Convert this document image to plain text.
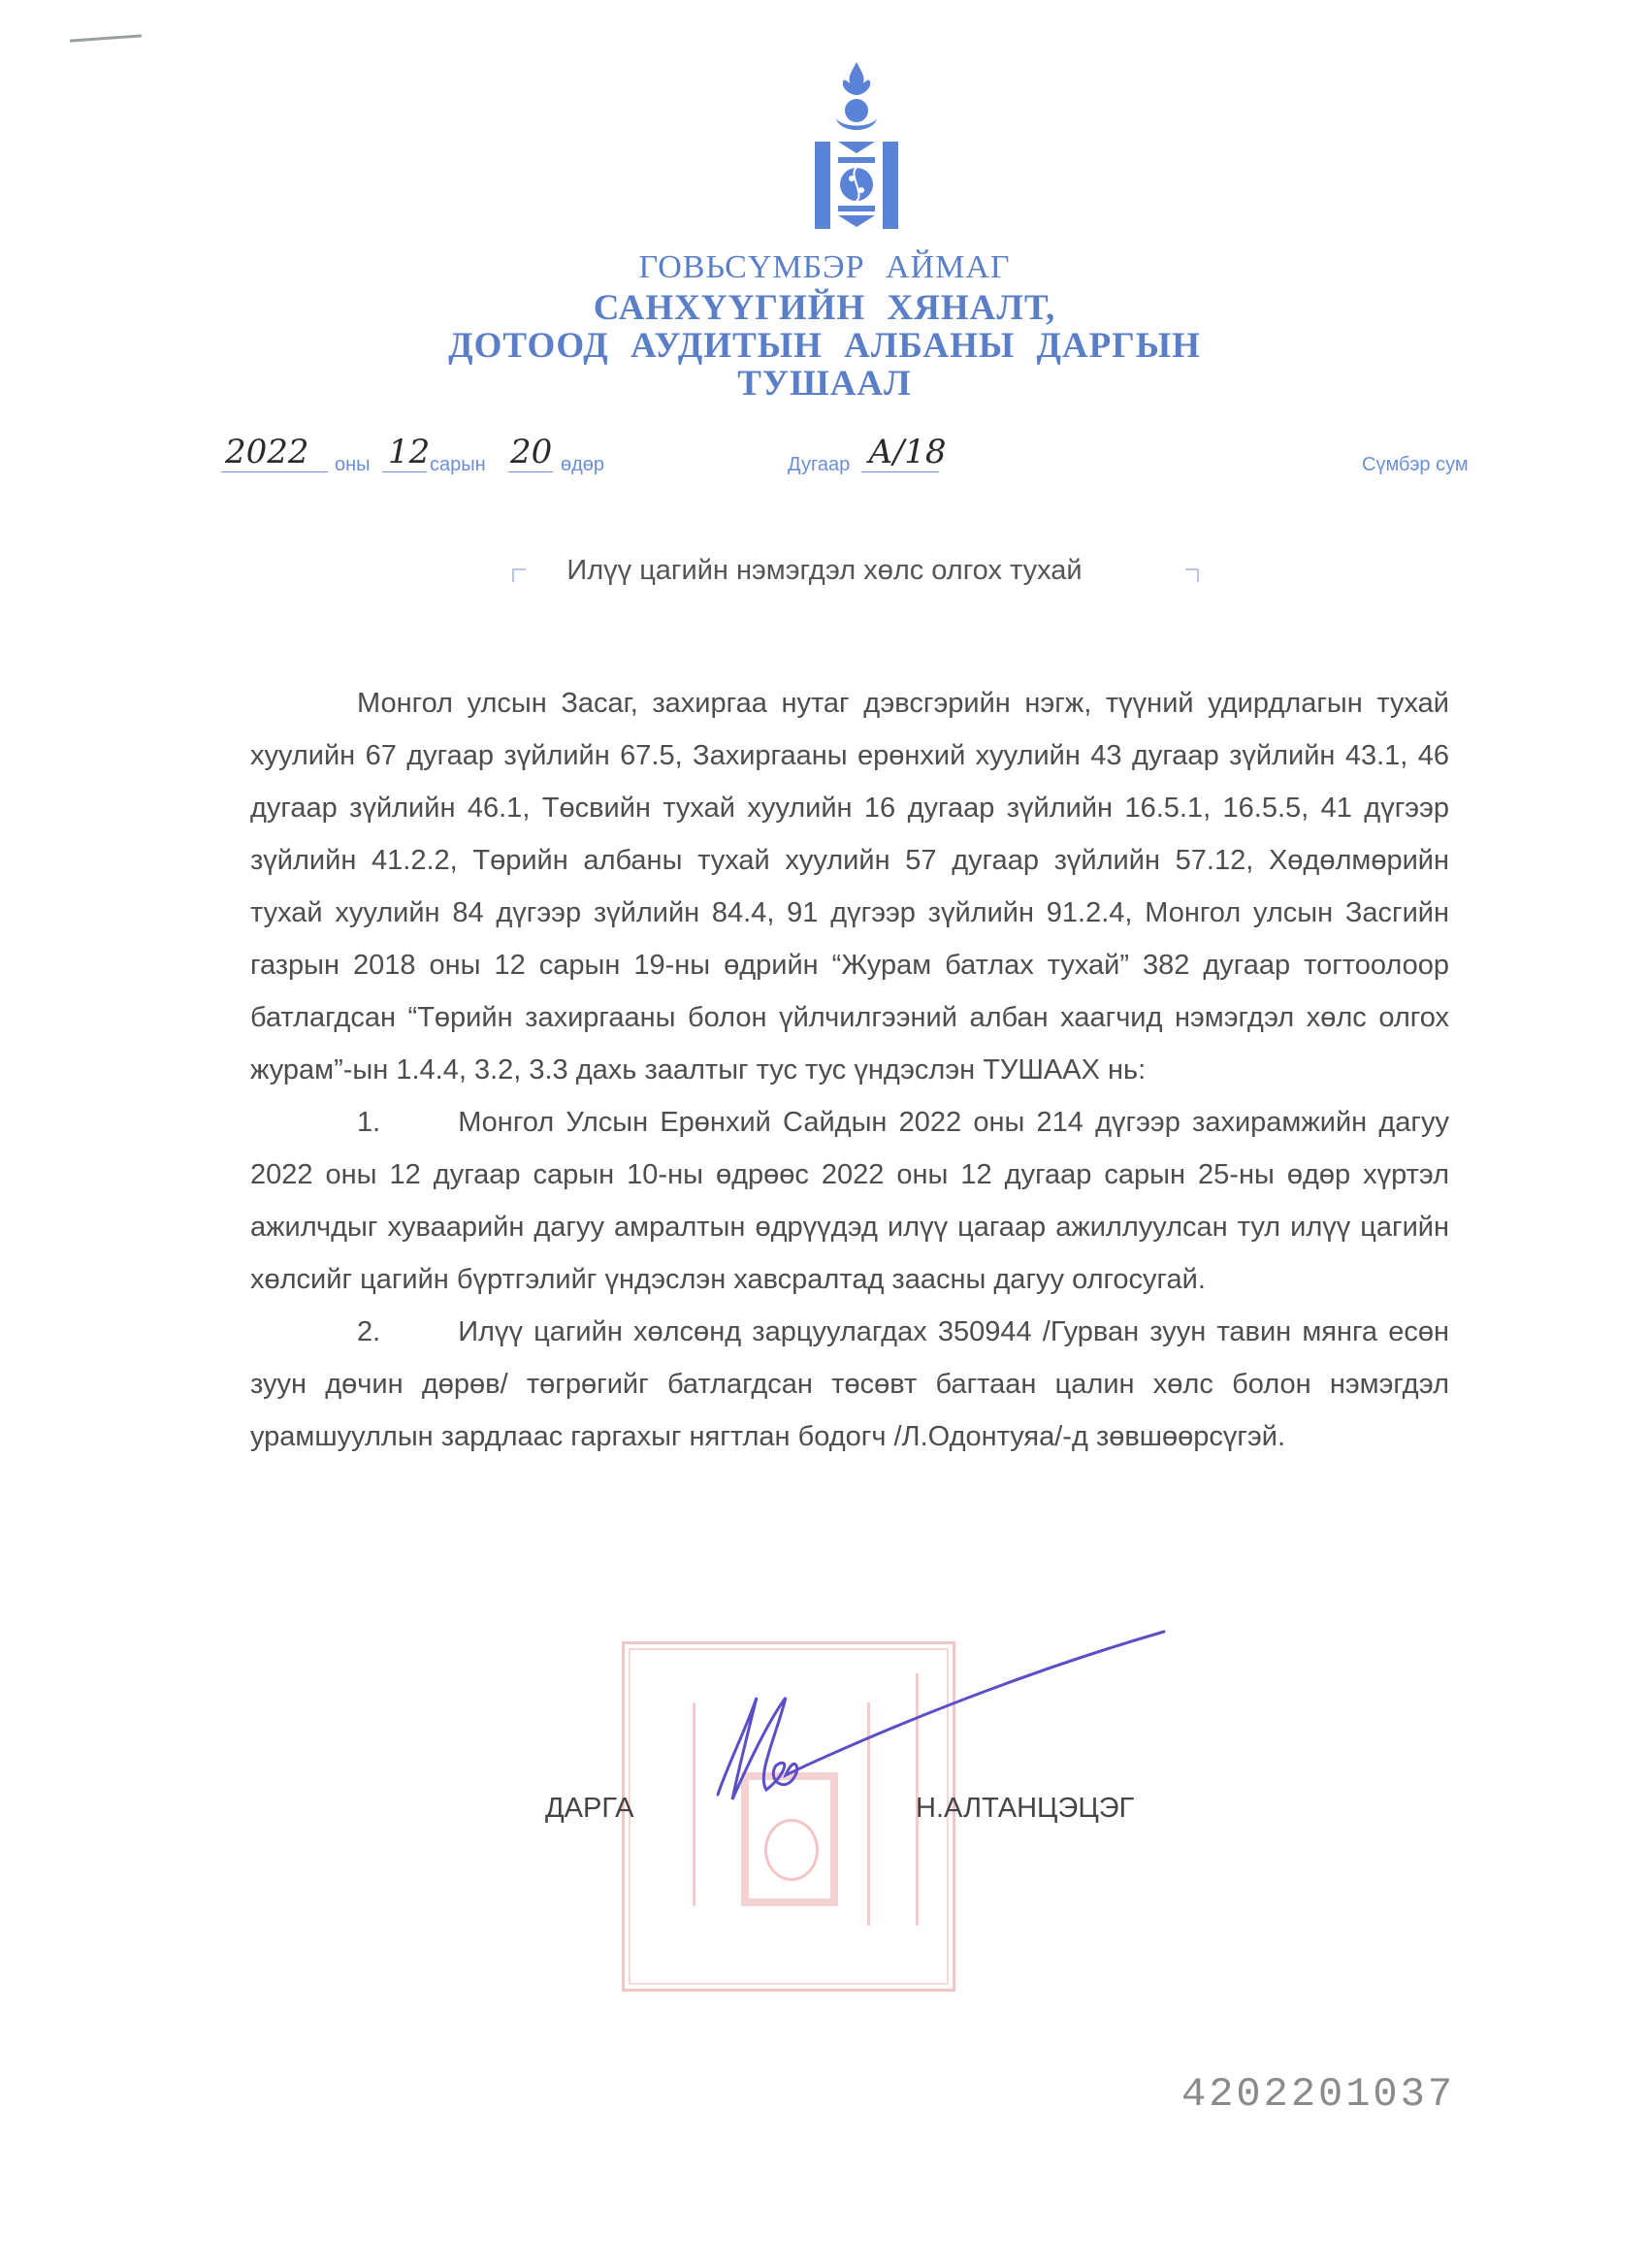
ГОВЬСҮМБЭР АЙМАГ
САНХҮҮГИЙН ХЯНАЛТ,
ДОТООД АУДИТЫН АЛБАНЫ ДАРГЫН
ТУШААЛ
2022 оны 12 сарын 20 өдөр	Дугаар А/18	Сүмбэр сум
Илүү цагийн нэмэгдэл хөлс олгох тухай

Монгол улсын Засаг, захиргаа нутаг дэвсгэрийн нэгж, түүний удирдлагын тухай хуулийн 67 дугаар зүйлийн 67.5, Захиргааны ерөнхий хуулийн 43 дугаар зүйлийн 43.1, 46 дугаар зүйлийн 46.1, Төсвийн тухай хуулийн 16 дугаар зүйлийн 16.5.1, 16.5.5, 41 дүгээр зүйлийн 41.2.2, Төрийн албаны тухай хуулийн 57 дугаар зүйлийн 57.12, Хөдөлмөрийн тухай хуулийн 84 дүгээр зүйлийн 84.4, 91 дүгээр зүйлийн 91.2.4, Монгол улсын Засгийн газрын 2018 оны 12 сарын 19-ны өдрийн “Журам батлах тухай” 382 дугаар тогтоолоор батлагдсан “Төрийн захиргааны болон үйлчилгээний албан хаагчид нэмэгдэл хөлс олгох журам”-ын 1.4.4, 3.2, 3.3 дахь заалтыг тус тус үндэслэн ТУШААХ нь:

1.	Монгол Улсын Ерөнхий Сайдын 2022 оны 214 дүгээр захирамжийн дагуу 2022 оны 12 дугаар сарын 10-ны өдрөөс 2022 оны 12 дугаар сарын 25-ны өдөр хүртэл ажилчдыг хуваарийн дагуу амралтын өдрүүдэд илүү цагаар ажиллуулсан тул илүү цагийн хөлсийг цагийн бүртгэлийг үндэслэн хавсралтад заасны дагуу олгосугай.

2.	Илүү цагийн хөлсөнд зарцуулагдах 350944 /Гурван зуун тавин мянга есөн зуун дөчин дөрөв/ төгрөгийг батлагдсан төсөвт багтаан цалин хөлс болон нэмэгдэл урамшууллын зардлаас гаргахыг нягтлан бодогч /Л.Одонтуяа/-д зөвшөөрсүгэй.

ДАРГА	Н.АЛТАНЦЭЦЭГ
4202201037
